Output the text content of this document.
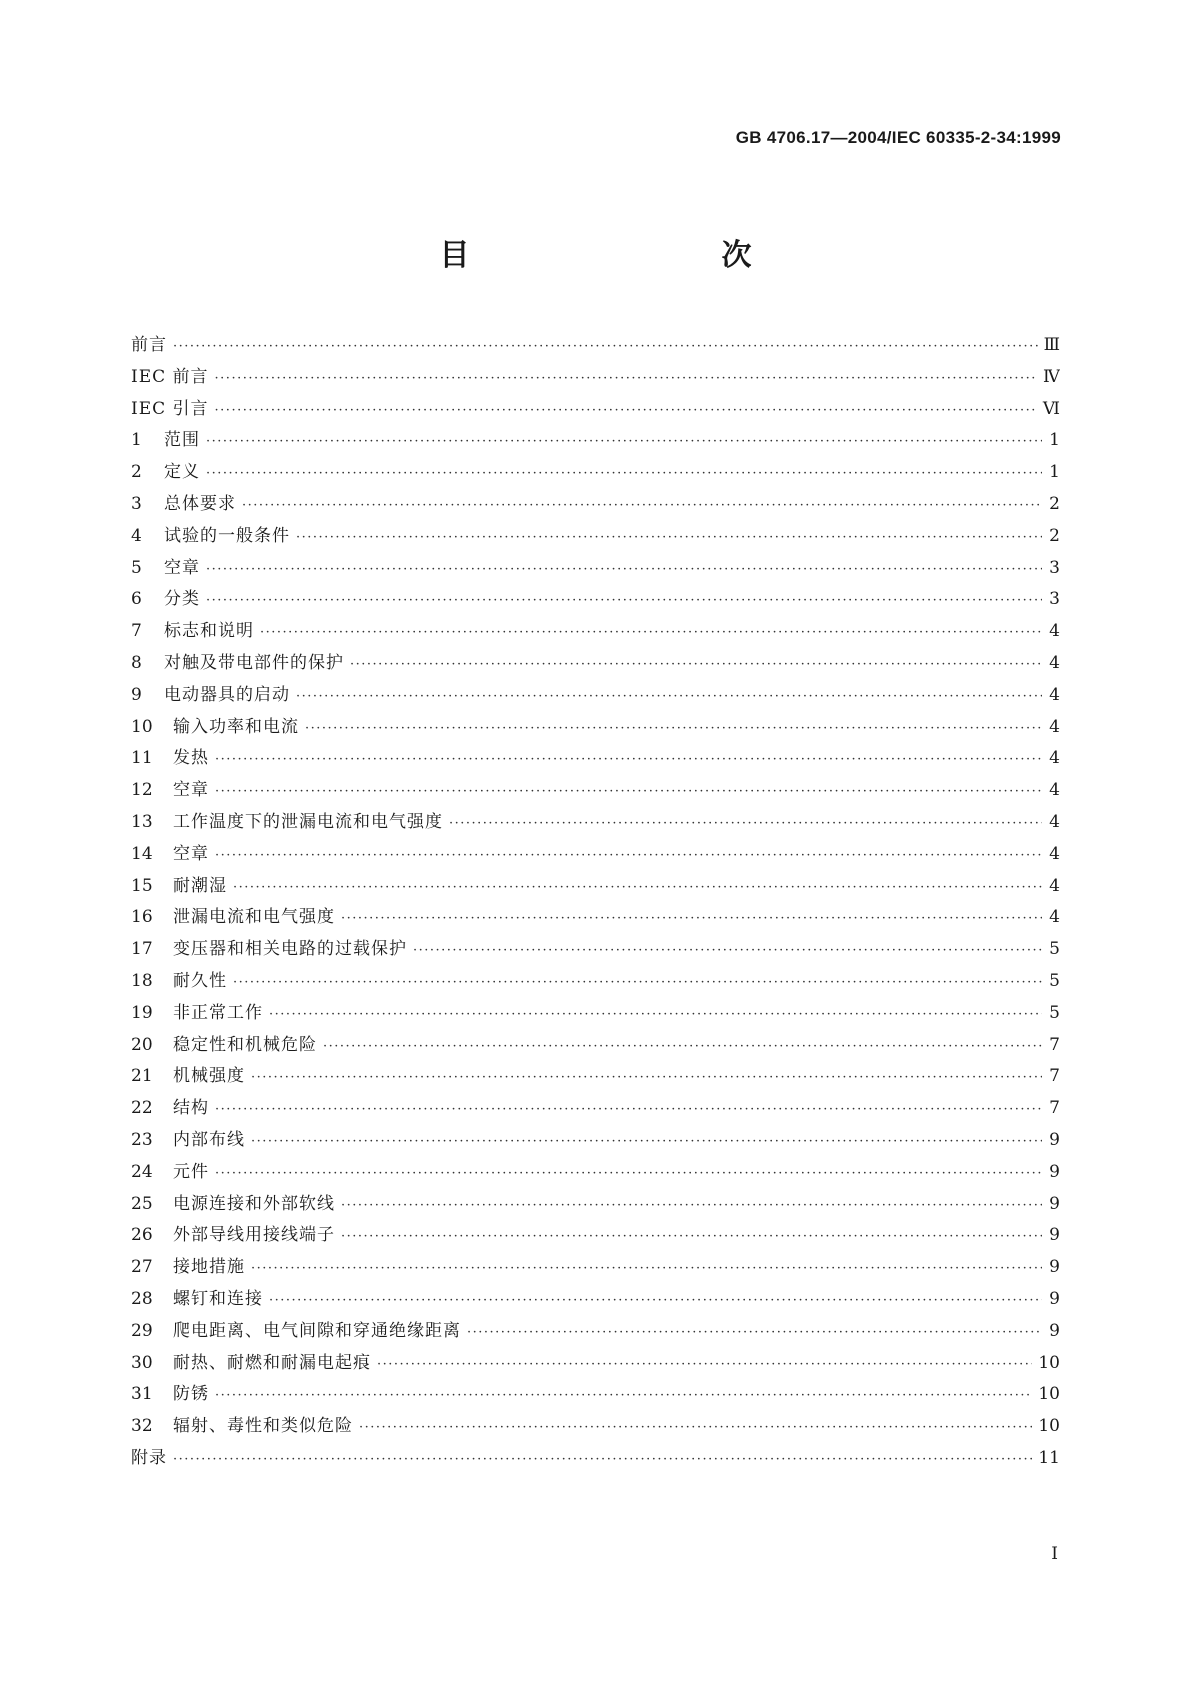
GB 4706.17—2004/IEC 60335-2-34:1999
目　　次
前言 ·····	Ⅲ
IEC 前言 ·····	Ⅳ
IEC 引言 ·····	Ⅵ
1	范围 ·····	1
2	定义 ·····	1
3	总体要求 ·····	2
4	试验的一般条件 ·····	2
5	空章 ·····	3
6	分类 ·····	3
7	标志和说明 ·····	4
8	对触及带电部件的保护 ·····	4
9	电动器具的启动 ·····	4
10	输入功率和电流 ·····	4
11	发热 ·····	4
12	空章 ·····	4
13	工作温度下的泄漏电流和电气强度 ·····	4
14	空章 ·····	4
15	耐潮湿 ·····	4
16	泄漏电流和电气强度 ·····	4
17	变压器和相关电路的过载保护 ·····	5
18	耐久性 ·····	5
19	非正常工作 ·····	5
20	稳定性和机械危险 ·····	7
21	机械强度 ·····	7
22	结构 ·····	7
23	内部布线 ·····	9
24	元件 ·····	9
25	电源连接和外部软线 ·····	9
26	外部导线用接线端子 ·····	9
27	接地措施 ·····	9
28	螺钉和连接 ·····	9
29	爬电距离、电气间隙和穿通绝缘距离 ·····	9
30	耐热、耐燃和耐漏电起痕 ·····	10
31	防锈 ·····	10
32	辐射、毒性和类似危险 ·····	10
附录 ·····	11
I
